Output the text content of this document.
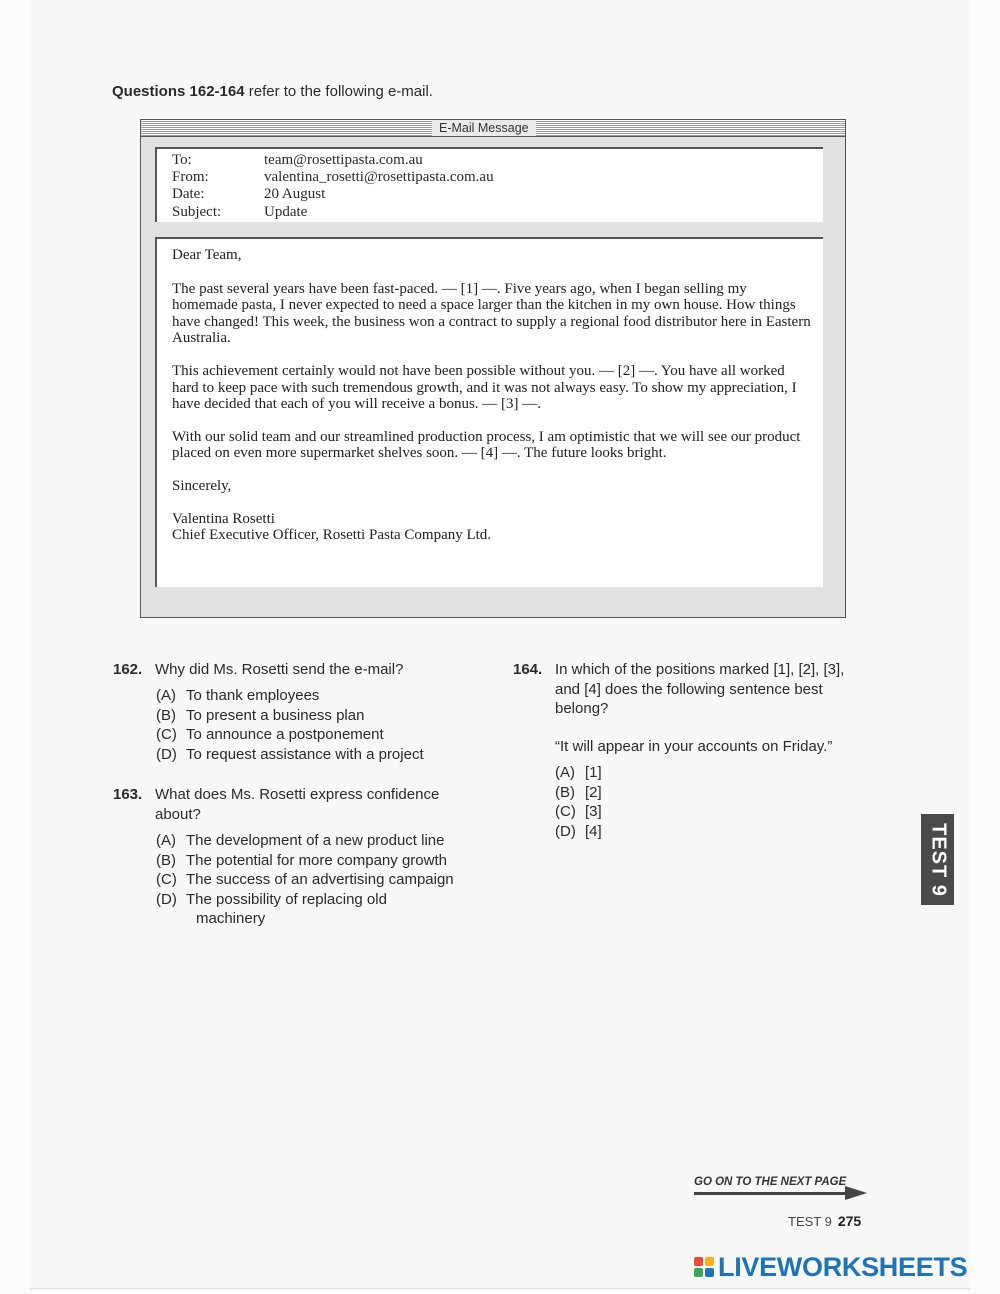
Questions 162-164 refer to the following e-mail.
E-Mail Message
To:	team@rosettipasta.com.au
From:	valentina_rosetti@rosettipasta.com.au
Date:	20 August
Subject:	Update

Dear Team,

The past several years have been fast-paced. — [1] —. Five years ago, when I began selling my homemade pasta, I never expected to need a space larger than the kitchen in my own house. How things have changed! This week, the business won a contract to supply a regional food distributor here in Eastern Australia.

This achievement certainly would not have been possible without you. — [2] —. You have all worked hard to keep pace with such tremendous growth, and it was not always easy. To show my appreciation, I have decided that each of you will receive a bonus. — [3] —.

With our solid team and our streamlined production process, I am optimistic that we will see our product placed on even more supermarket shelves soon. — [4] —. The future looks bright.

Sincerely,

Valentina Rosetti

Chief Executive Officer, Rosetti Pasta Company Ltd.

162. Why did Ms. Rosetti send the e-mail?
(A) To thank employees
(B) To present a business plan
(C) To announce a postponement
(D) To request assistance with a project
163. What does Ms. Rosetti express confidence
about?
(A) The development of a new product line
(B) The potential for more company growth
(C) The success of an advertising campaign
(D) The possibility of replacing old
machinery
164. In which of the positions marked [1], [2], [3],
and [4] does the following sentence best
belong?
“It will appear in your accounts on Friday.”
(A) [1]
(B) [2]
(C) [3]
(D) [4]	TEST 9
GO ON TO THE NEXT PAGE
TEST 9 275
LIVEWORKSHEETS
